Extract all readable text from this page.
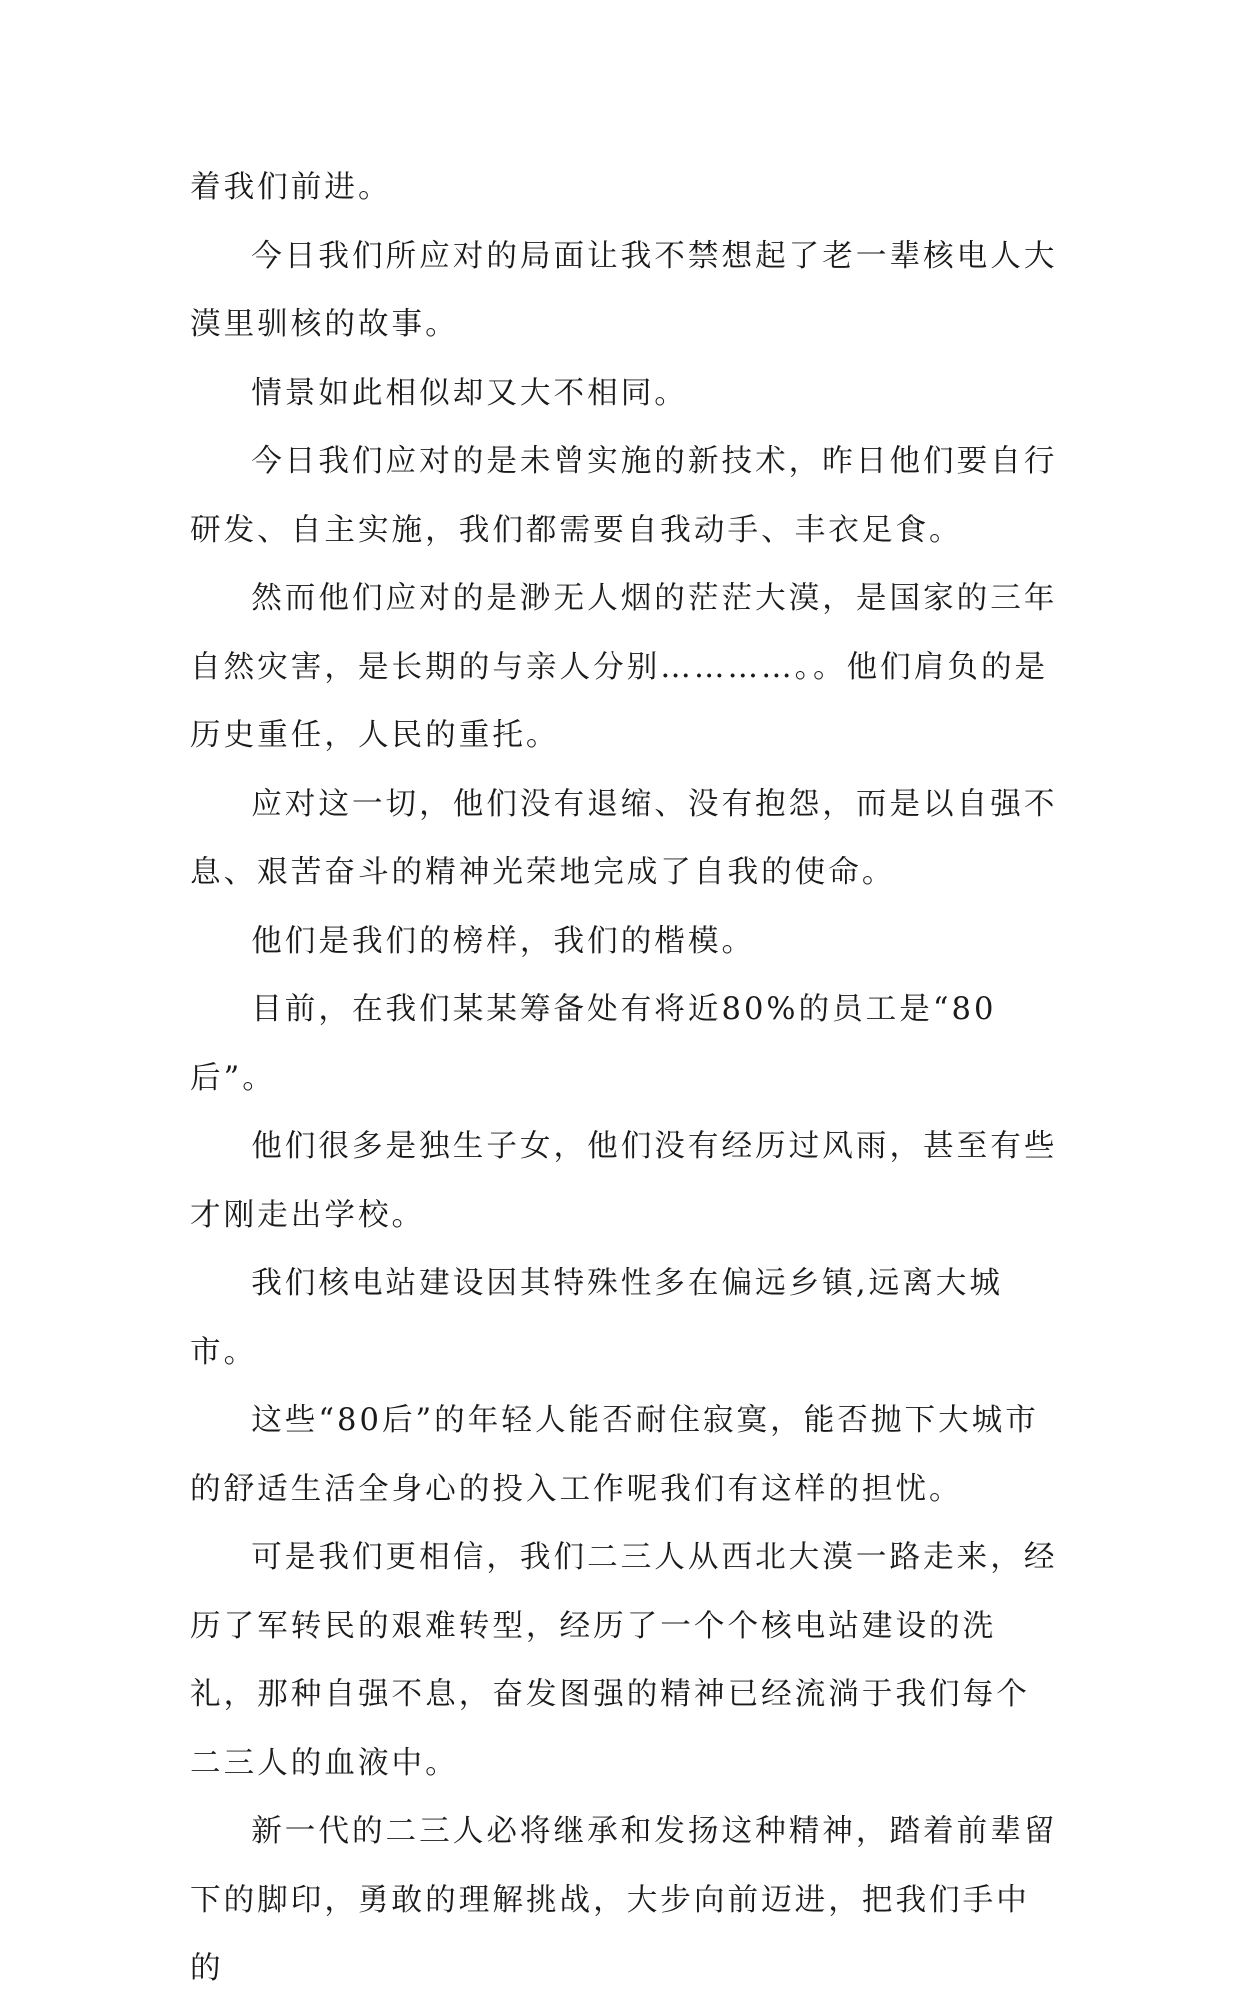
着我们前进。

今日我们所应对的局面让我不禁想起了老一辈核电人大漠里驯核的故事。

情景如此相似却又大不相同。

今日我们应对的是未曾实施的新技术，昨日他们要自行研发、自主实施，我们都需要自我动手、丰衣足食。

然而他们应对的是渺无人烟的茫茫大漠，是国家的三年自然灾害，是长期的与亲人分别…………。。他们肩负的是历史重任，人民的重托。

应对这一切，他们没有退缩、没有抱怨，而是以自强不息、艰苦奋斗的精神光荣地完成了自我的使命。

他们是我们的榜样，我们的楷模。

目前，在我们某某筹备处有将近80%的员工是“80后”。

他们很多是独生子女，他们没有经历过风雨，甚至有些才刚走出学校。

我们核电站建设因其特殊性多在偏远乡镇,远离大城市。

这些“80后”的年轻人能否耐住寂寞，能否抛下大城市的舒适生活全身心的投入工作呢我们有这样的担忧。

可是我们更相信，我们二三人从西北大漠一路走来，经历了军转民的艰难转型，经历了一个个核电站建设的洗礼，那种自强不息，奋发图强的精神已经流淌于我们每个二三人的血液中。

新一代的二三人必将继承和发扬这种精神，踏着前辈留下的脚印，勇敢的理解挑战，大步向前迈进，把我们手中的
